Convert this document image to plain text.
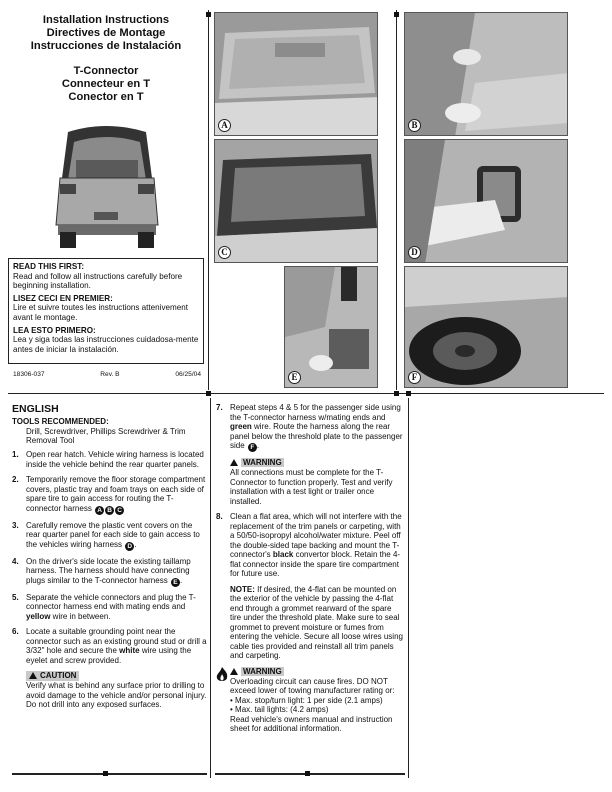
Installation Instructions
Directives de Montage
Instrucciones de Instalación
T-Connector
Connecteur en T
Conector en T
READ THIS FIRST:
Read and follow all instructions carefully before beginning installation.
LISEZ CECI EN PREMIER:
Lire et suivre toutes les instructions attenivement avant le montage.
LEA ESTO PRIMERO:
Lea y siga todas las instrucciones cuidadosa-mente antes de iniciar la instalación.
18306-037	Rev. B	06/25/04
A	B
C	D
E	F
ENGLISH
TOOLS RECOMMENDED:
Drill, Screwdriver, Phillips Screwdriver & Trim Removal Tool
1. Open rear hatch. Vehicle wiring harness is located inside the vehicle behind the rear quarter panels.
2. Temporarily remove the floor storage compartment covers, plastic tray and foam trays on each side of spare tire to gain access for routing the T-connector harness A B C
3. Carefully remove the plastic vent covers on the rear quarter panel for each side to gain access to the vehicles wiring harness D .
4. On the driver's side locate the existing taillamp harness. The harness should have connecting plugs similar to the T-connector harness E .
5. Separate the vehicle connectors and plug the T-connector harness end with mating ends and yellow wire in between.
6. Locate a suitable grounding point near the connector such as an existing ground stud or drill a 3/32" hole and secure the white wire using the eyelet and screw provided.
CAUTION
Verify what is behind any surface prior to drilling to avoid damage to the vehicle and/or personal injury. Do not drill into any exposed surfaces.
7. Repeat steps 4 & 5 for the passenger side using the T-connector harness w/mating ends and green wire. Route the harness along the rear panel below the threshold plate to the passenger side F .
WARNING
All connections must be complete for the T-Connector to function properly. Test and verify installation with a test light or trailer once installed.
8. Clean a flat area, which will not interfere with the replacement of the trim panels or carpeting, with a 50/50-isopropyl alcohol/water mixture. Peel off the double-sided tape backing and mount the T-connector's black convertor block. Retain the 4-flat connector inside the spare tire compartment for future use.
NOTE: If desired, the 4-flat can be mounted on the exterior of the vehicle by passing the 4-flat end through a grommet rearward of the spare tire under the threshold plate. Make sure to seal grommet to prevent moisture or fumes from entering the vehicle. Secure all loose wires using cable ties provided and reinstall all trim panels and carpeting.
WARNING
Overloading circuit can cause fires. DO NOT exceed lower of towing manufacturer rating or:
• Max. stop/turn light: 1 per side (2.1 amps)
• Max. tail lights: (4.2 amps)
Read vehicle's owners manual and instruction sheet for additional information.
